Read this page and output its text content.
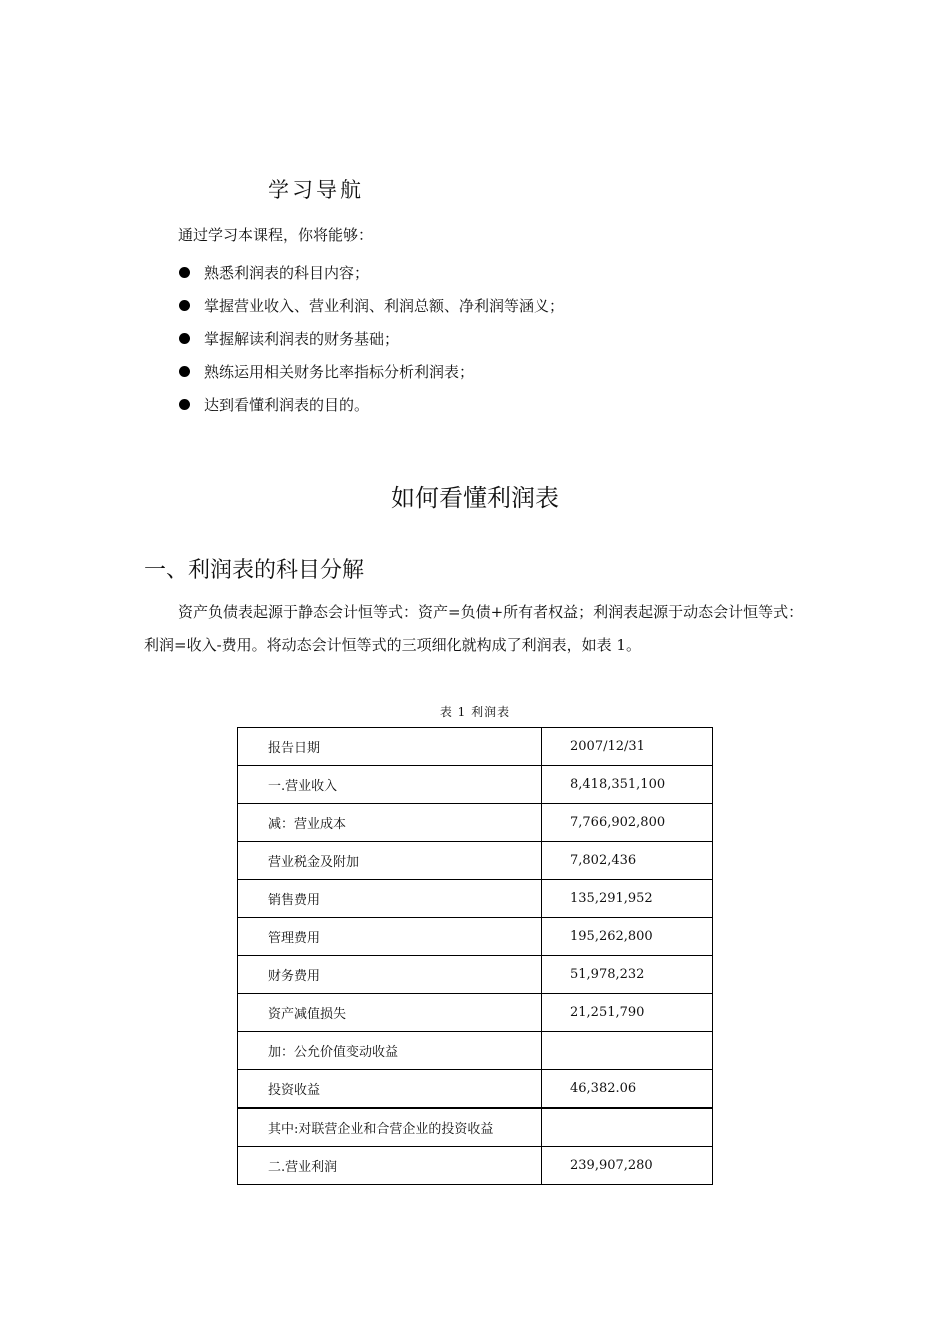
学习导航
通过学习本课程，你将能够：
熟悉利润表的科目内容；
掌握营业收入、营业利润、利润总额、净利润等涵义；
掌握解读利润表的财务基础；
熟练运用相关财务比率指标分析利润表；
达到看懂利润表的目的。
如何看懂利润表
一、利润表的科目分解

资产负债表起源于静态会计恒等式：资产=负债+所有者权益；利润表起源于动态会计恒等式：利润=收入-费用。将动态会计恒等式的三项细化就构成了利润表，如表 1。

表 1 利润表
报告日期	2007/12/31
一.营业收入	8,418,351,100
减：营业成本	7,766,902,800
营业税金及附加	7,802,436
销售费用	135,291,952
管理费用	195,262,800
财务费用	51,978,232
资产减值损失	21,251,790
加：公允价值变动收益	
投资收益	46,382.06
其中:对联营企业和合营企业的投资收益	
二.营业利润	239,907,280
